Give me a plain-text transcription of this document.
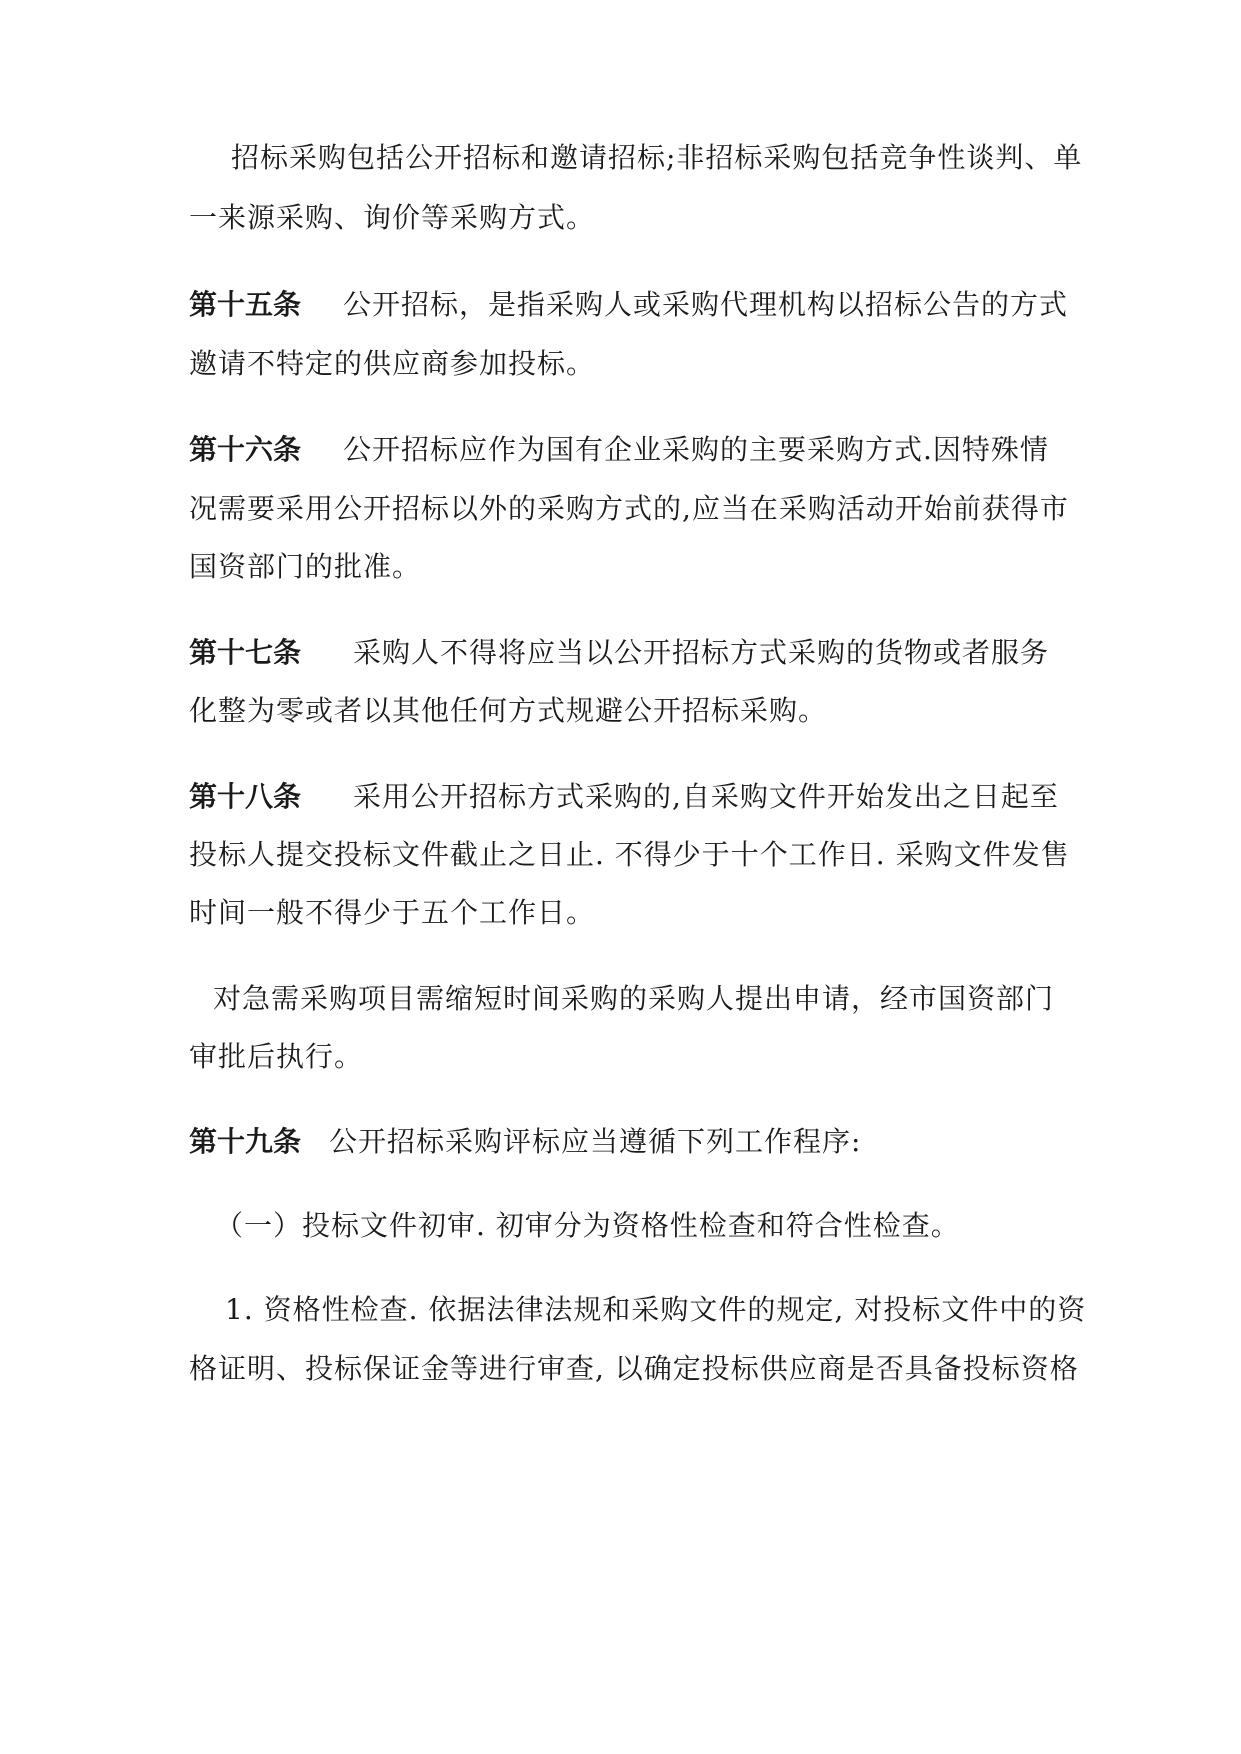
招标采购包括公开招标和邀请招标;非招标采购包括竞争性谈判、单
一来源采购、询价等采购方式。
第十五条 公开招标，是指采购人或采购代理机构以招标公告的方式
邀请不特定的供应商参加投标。
第十六条 公开招标应作为国有企业采购的主要采购方式.因特殊情
况需要采用公开招标以外的采购方式的,应当在采购活动开始前获得市
国资部门的批准。
第十七条 采购人不得将应当以公开招标方式采购的货物或者服务
化整为零或者以其他任何方式规避公开招标采购。
第十八条 采用公开招标方式采购的,自采购文件开始发出之日起至
投标人提交投标文件截止之日止. 不得少于十个工作日. 采购文件发售
时间一般不得少于五个工作日。
对急需采购项目需缩短时间采购的采购人提出申请，经市国资部门
审批后执行。
第十九条 公开招标采购评标应当遵循下列工作程序:
（一）投标文件初审. 初审分为资格性检查和符合性检查。
1. 资格性检查. 依据法律法规和采购文件的规定, 对投标文件中的资
格证明、投标保证金等进行审查, 以确定投标供应商是否具备投标资格
